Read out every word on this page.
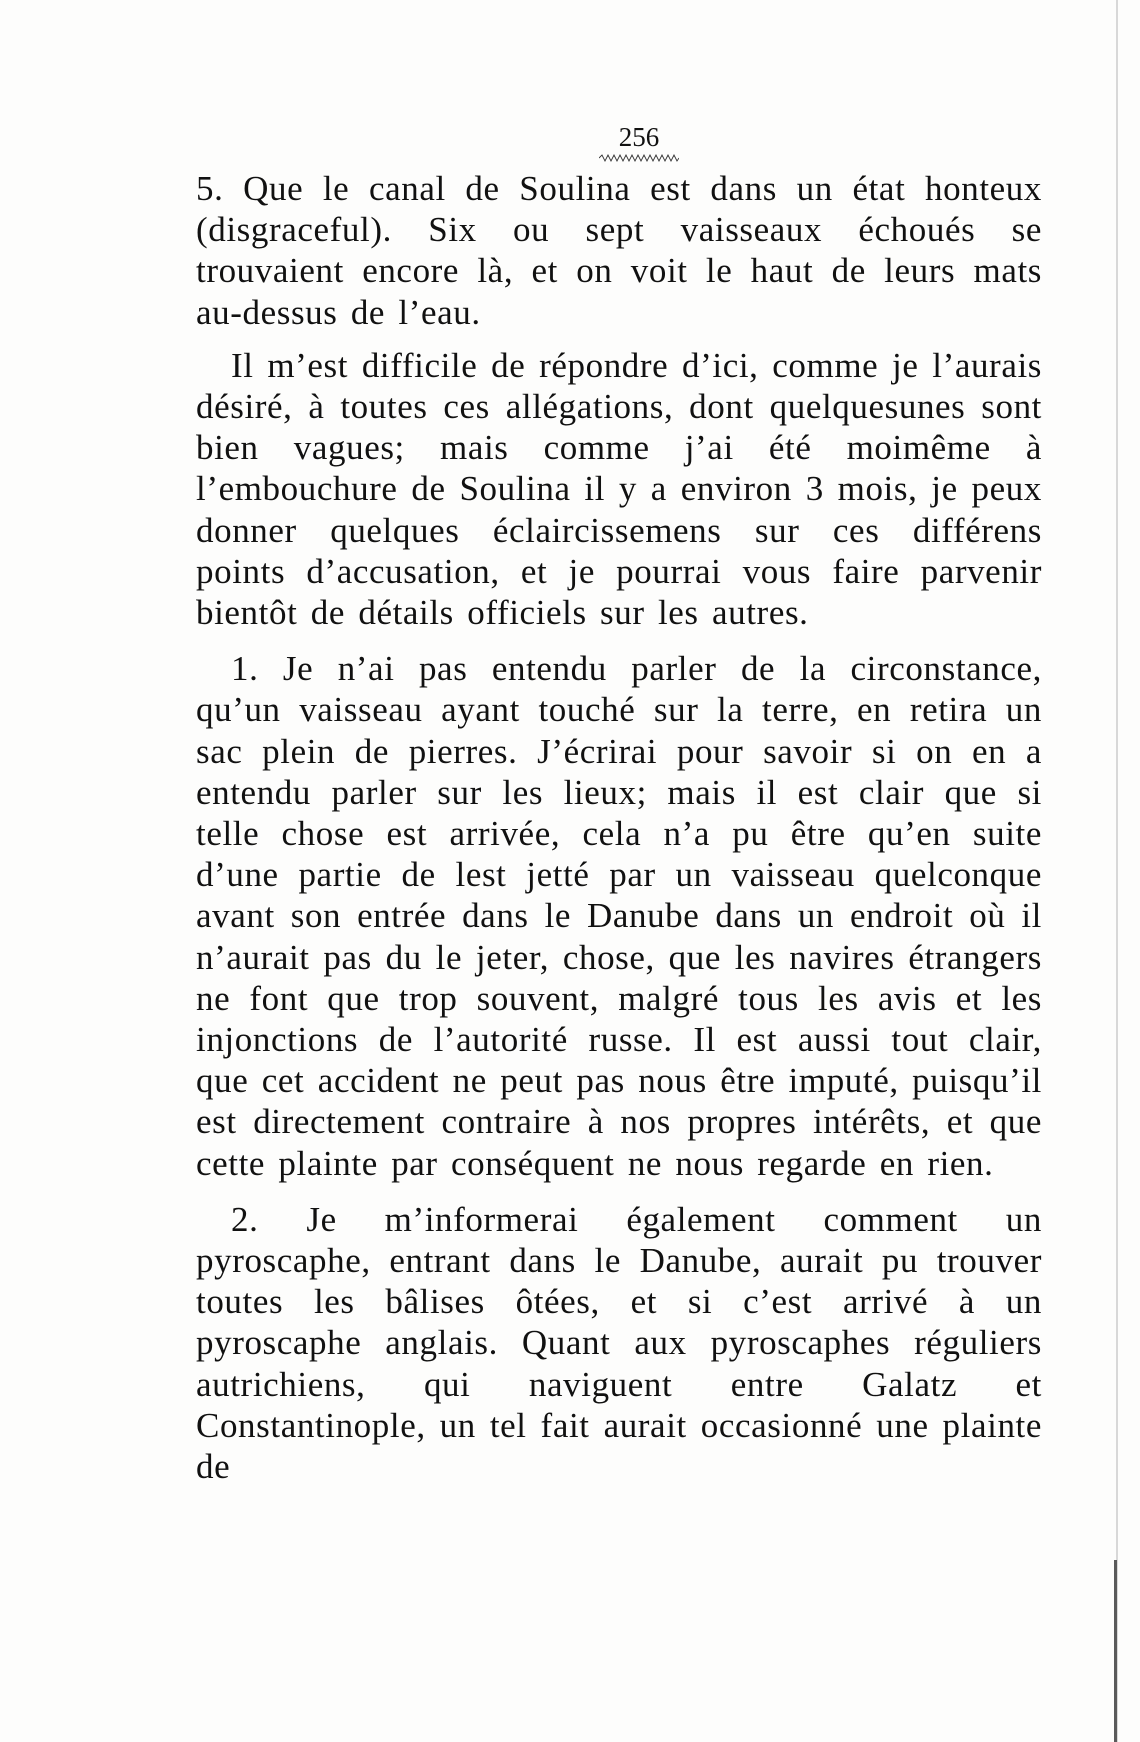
256

5. Que le canal de Soulina est dans un état honteux (disgraceful). Six ou sept vaisseaux échoués se trouvaient encore là, et on voit le haut de leurs mats au-dessus de l’eau.

Il m’est difficile de répondre d’ici, comme je l’aurais désiré, à toutes ces allégations, dont quelquesunes sont bien vagues; mais comme j’ai été moimême à l’embouchure de Soulina il y a environ 3 mois, je peux donner quelques éclaircissemens sur ces différens points d’accusation, et je pourrai vous faire parvenir bientôt de détails officiels sur les autres.

1. Je n’ai pas entendu parler de la circonstance, qu’un vaisseau ayant touché sur la terre, en retira un sac plein de pierres. J’écrirai pour savoir si on en a entendu parler sur les lieux; mais il est clair que si telle chose est arrivée, cela n’a pu être qu’en suite d’une partie de lest jetté par un vaisseau quelconque avant son entrée dans le Danube dans un endroit où il n’aurait pas du le jeter, chose, que les navires étrangers ne font que trop souvent, malgré tous les avis et les injonctions de l’autorité russe. Il est aussi tout clair, que cet accident ne peut pas nous être imputé, puisqu’il est directement contraire à nos propres intérêts, et que cette plainte par conséquent ne nous regarde en rien.

2. Je m’informerai également comment un pyroscaphe, entrant dans le Danube, aurait pu trouver toutes les bâlises ôtées, et si c’est arrivé à un pyroscaphe anglais. Quant aux pyroscaphes réguliers autrichiens, qui naviguent entre Galatz et Constantinople, un tel fait aurait occasionné une plainte de
